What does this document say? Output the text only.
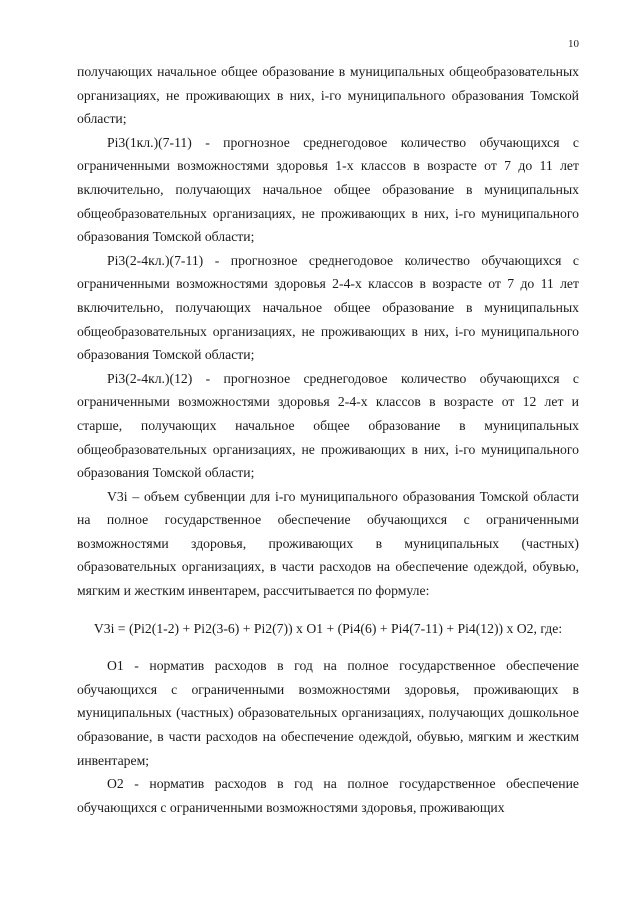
10

получающих начальное общее образование в муниципальных общеобразовательных организациях, не проживающих в них, i-го муниципального образования Томской области;

Pi3(1кл.)(7-11) - прогнозное среднегодовое количество обучающихся с ограниченными возможностями здоровья 1-х классов в возрасте от 7 до 11 лет включительно, получающих начальное общее образование в муниципальных общеобразовательных организациях, не проживающих в них, i-го муниципального образования Томской области;

Pi3(2-4кл.)(7-11) - прогнозное среднегодовое количество обучающихся с ограниченными возможностями здоровья 2-4-х классов в возрасте от 7 до 11 лет включительно, получающих начальное общее образование в муниципальных общеобразовательных организациях, не проживающих в них, i-го муниципального образования Томской области;

Pi3(2-4кл.)(12) - прогнозное среднегодовое количество обучающихся с ограниченными возможностями здоровья 2-4-х классов в возрасте от 12 лет и старше, получающих начальное общее образование в муниципальных общеобразовательных организациях, не проживающих в них, i-го муниципального образования Томской области;

V3i – объем субвенции для i-го муниципального образования Томской области на полное государственное обеспечение обучающихся с ограниченными возможностями здоровья, проживающих в муниципальных (частных) образовательных организациях, в части расходов на обеспечение одеждой, обувью, мягким и жестким инвентарем, рассчитывается по формуле:

V3i = (Pi2(1-2) + Pi2(3-6) + Pi2(7)) x O1 + (Pi4(6) + Pi4(7-11) + Pi4(12)) x O2, где:

O1 - норматив расходов в год на полное государственное обеспечение обучающихся с ограниченными возможностями здоровья, проживающих в муниципальных (частных) образовательных организациях, получающих дошкольное образование, в части расходов на обеспечение одеждой, обувью, мягким и жестким инвентарем;

O2 - норматив расходов в год на полное государственное обеспечение обучающихся с ограниченными возможностями здоровья, проживающих
